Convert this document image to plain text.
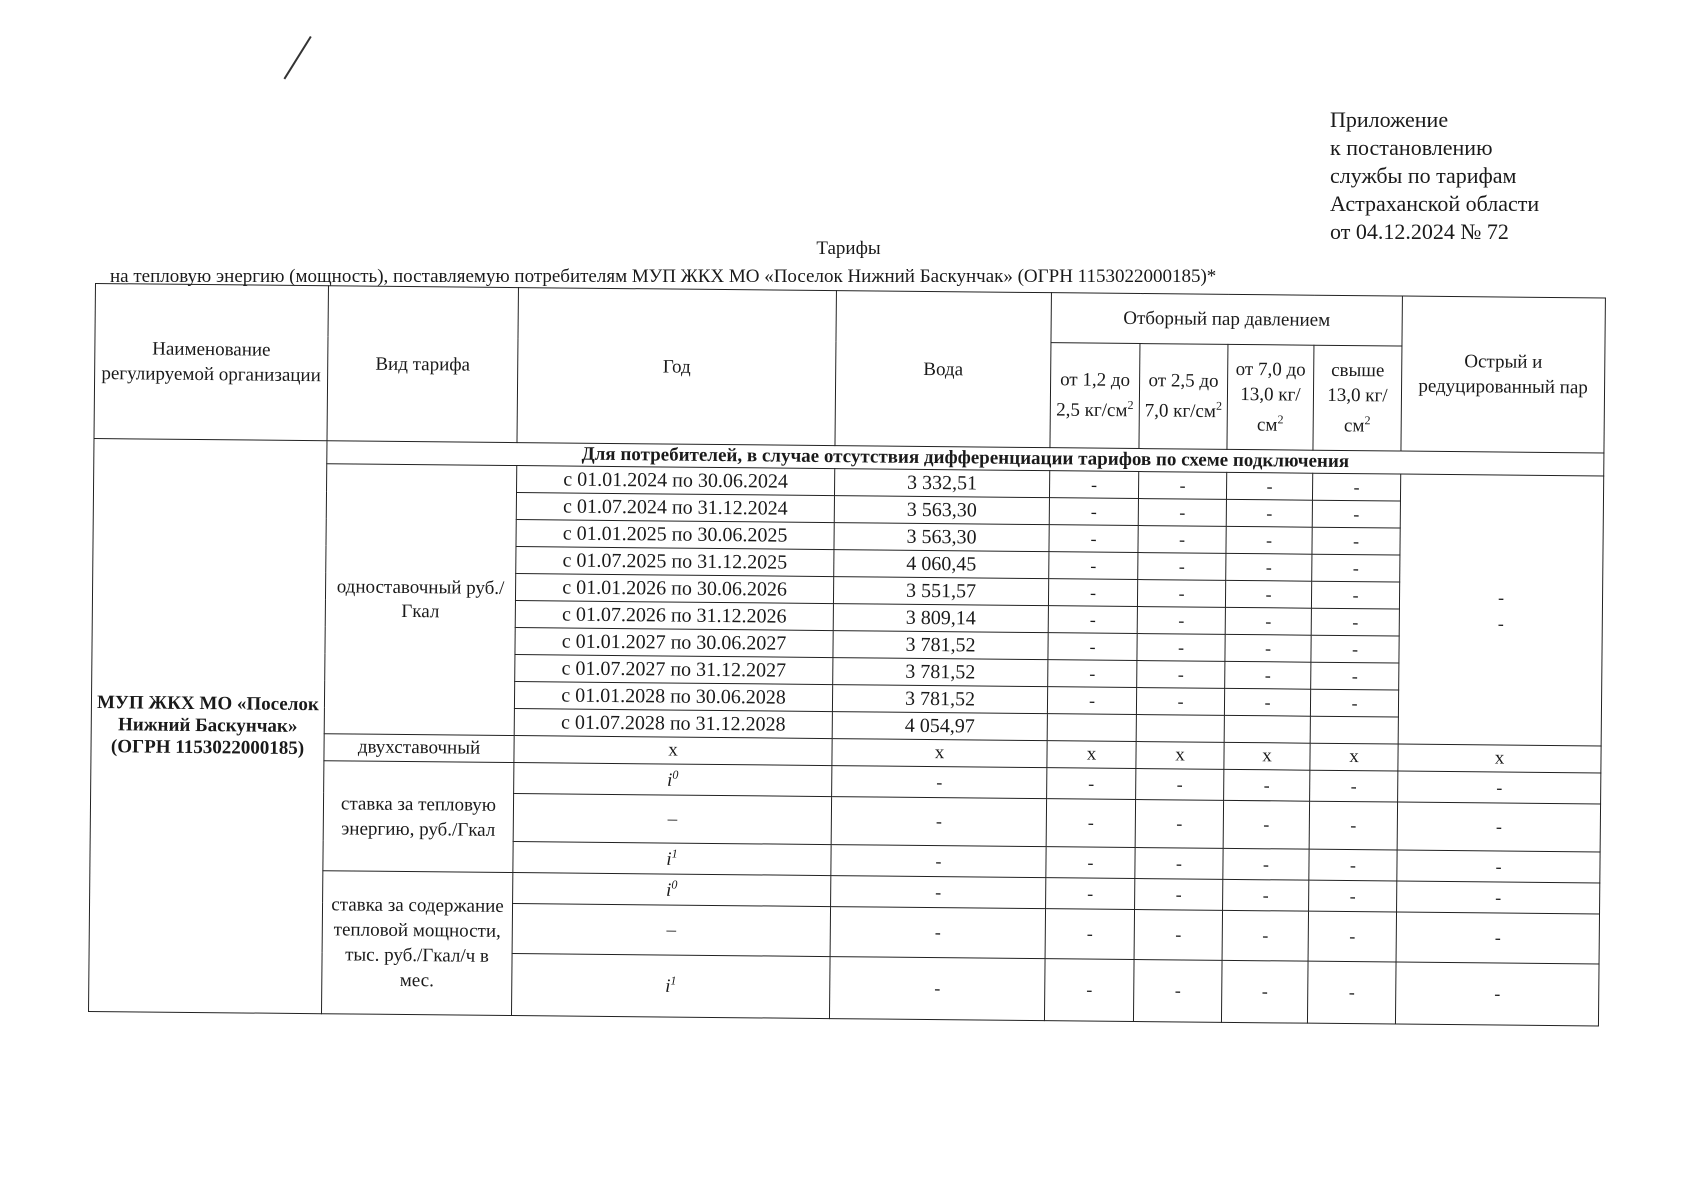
Приложение
к постановлению
службы по тарифам
Астраханской области
от 04.12.2024 № 72
Тарифы
на тепловую энергию (мощность), поставляемую потребителям МУП ЖКХ МО «Поселок Нижний Баскунчак» (ОГРН 1153022000185)*
Наименование регулируемой организации	Вид тарифа	Год	Вода	Отборный пар давлением				Острый и редуцированный пар
				от 1,2 до 2,5 $кг/см^2$	от 2,5 до 7,0 $кг/см^2$	от 7,0 до 13,0 $кг/см^2$	свыше 13,0 $кг/см^2$
МУП ЖКХ МО «Поселок Нижний Баскунчак» (ОГРН 1153022000185)	Для потребителей, в случае отсутствия дифференциации тарифов по схеме подключения							
	одноставочный руб./Гкал	с 01.01.2024 по 30.06.2024	3 332,51	-	-	-	-	-
-

		с 01.07.2024 по 31.12.2024	3 563,30	-	-	-	-	
		с 01.01.2025 по 30.06.2025	3 563,30	-	-	-	-	
		с 01.07.2025 по 31.12.2025	4 060,45	-	-	-	-	
		с 01.01.2026 по 30.06.2026	3 551,57	-	-	-	-	
		с 01.07.2026 по 31.12.2026	3 809,14	-	-	-	-	
		с 01.01.2027 по 30.06.2027	3 781,52	-	-	-	-	
		с 01.07.2027 по 31.12.2027	3 781,52	-	-	-	-	
		с 01.01.2028 по 30.06.2028	3 781,52	-	-	-	-	
		с 01.07.2028 по 31.12.2028	4 054,97					
	двухставочный	x	x	x	x	x	x	x
	ставка за тепловую энергию, руб./Гкал	$i^0$	-	-	-	-	-	-
		–	-	-	-	-	-	-
		$i^1$	-	-	-	-	-	-
	ставка за содержание тепловой мощности, тыс. руб./Гкал/ч в мес.	$i^0$	-	-	-	-	-	-
		–	-	-	-	-	-	-
		$i^1$	-	-	-	-	-	-
